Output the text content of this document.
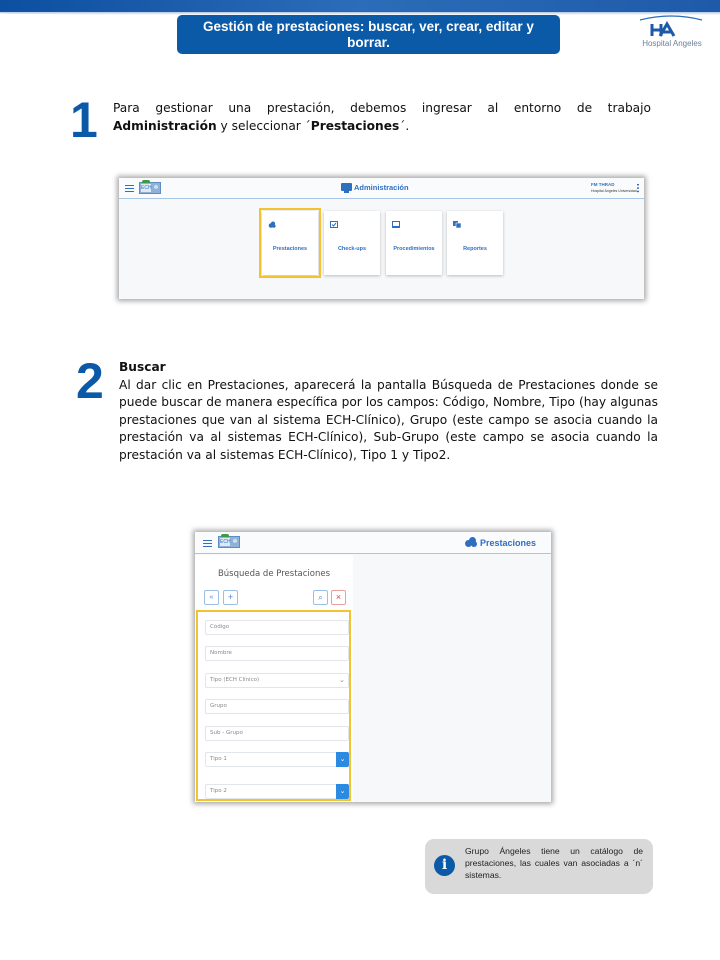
Gestión de prestaciones: buscar, ver, crear, editar y borrar.	Hospital Angeles
1 Para gestionar una prestación, debemos ingresar al entorno de trabajo Administración y seleccionar ´Prestaciones´.
ECH ❄	Administración	FM THRAD
Hospital Ángeles Universidad
Prestaciones	Check-ups	Procedimientos	Reportes
2 Buscar
Al dar clic en Prestaciones, aparecerá la pantalla Búsqueda de Prestaciones donde se puede buscar de manera específica por los campos: Código, Nombre, Tipo (hay algunas prestaciones que van al sistema ECH-Clínico), Grupo (este campo se asocia cuando la prestación va al sistemas ECH-Clínico), Sub-Grupo (este campo se asocia cuando la prestación va al sistemas ECH-Clínico), Tipo 1 y Tipo2.
ECH ❄	Prestaciones
Búsqueda de Prestaciones
«	+	⌕	×
Código
Nombre
Tipo (ECH Clínico)	⌄
Grupo
Sub - Grupo
Tipo 1	⌄
Tipo 2	⌄
i
Grupo Ángeles tiene un catálogo de prestaciones, las cuales van asociadas a ´n´ sistemas.
